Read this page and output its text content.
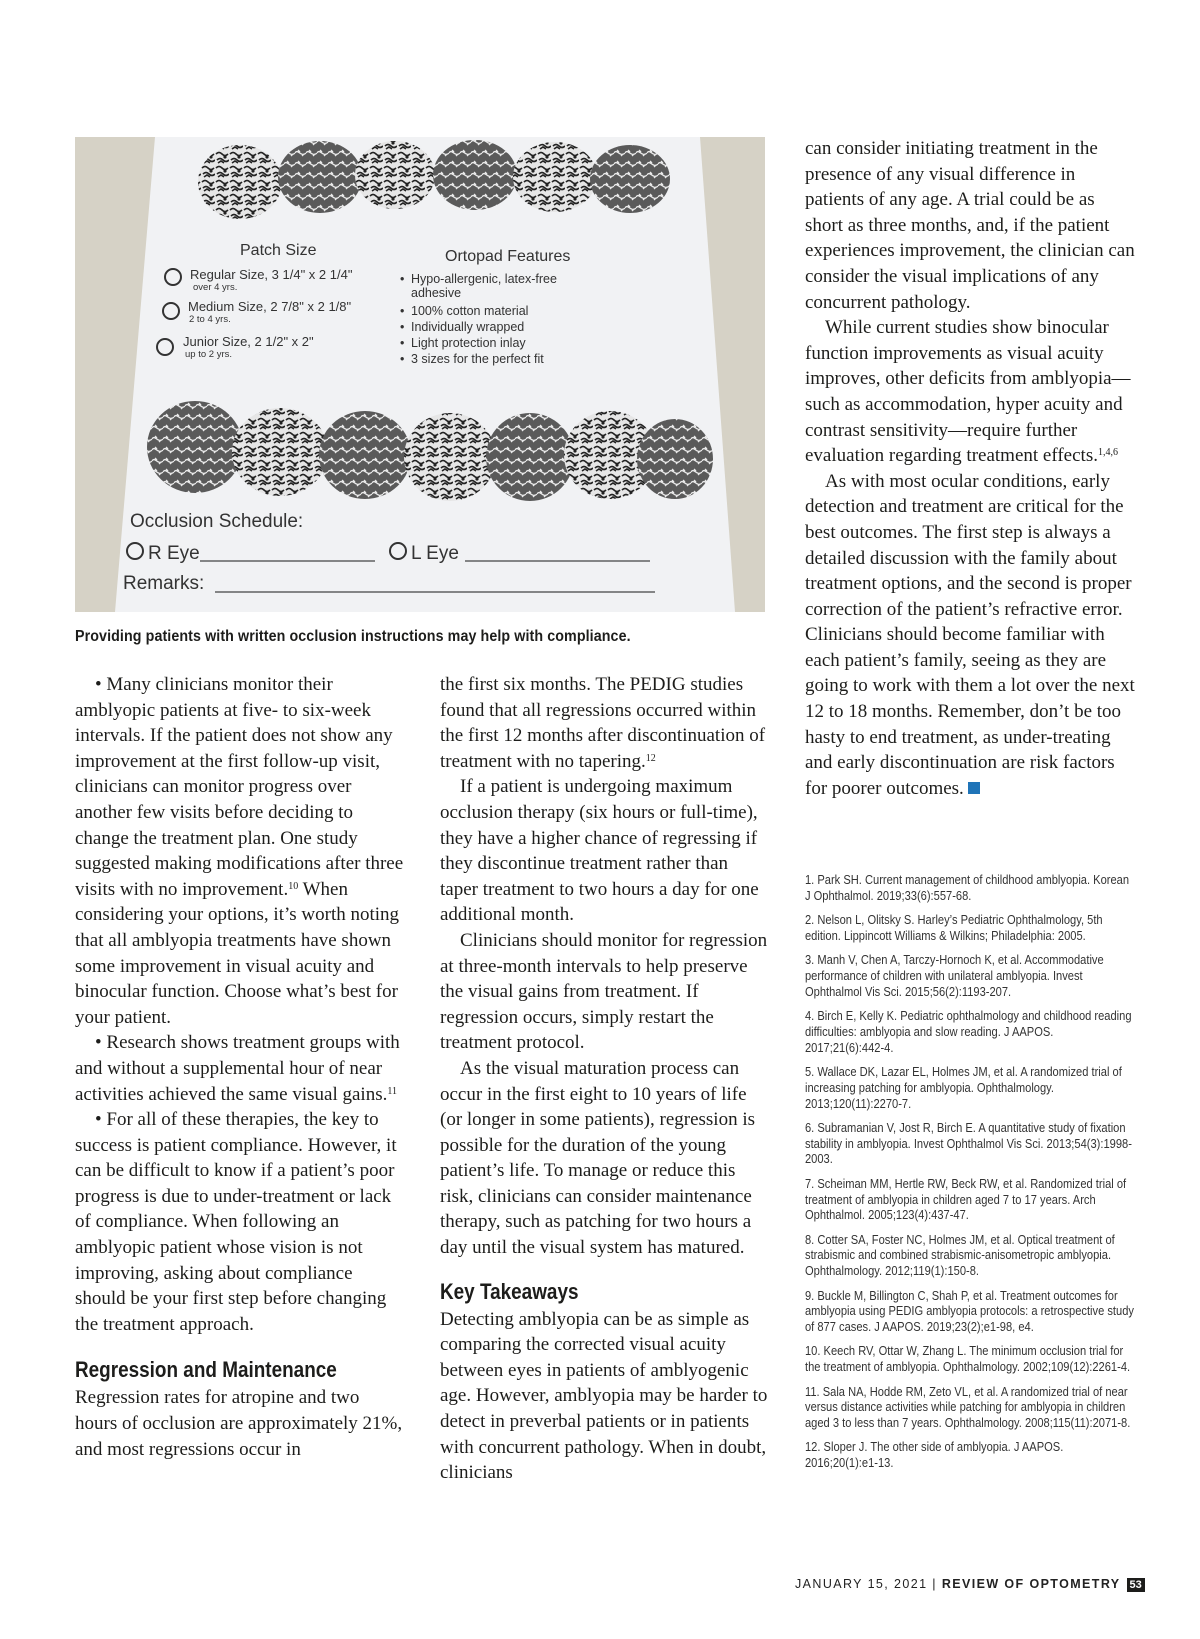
Patch Size	Ortopad Features
Regular Size, 3 1/4" x 2 1/4"
over 4 yrs.
Medium Size, 2 7/8" x 2 1/8"
2 to 4 yrs.
Junior Size, 2 1/2" x 2"
up to 2 yrs.
• Hypo-allergenic, latex-free
adhesive
• 100% cotton material
• Individually wrapped
• Light protection inlay
• 3 sizes for the perfect fit
Occlusion Schedule:
R Eye	L Eye
Remarks:
Providing patients with written occlusion instructions may help with compliance.

• Many clinicians monitor their amblyopic patients at five- to six-week intervals. If the patient does not show any improvement at the first follow-up visit, clinicians can monitor progress over another few visits before deciding to change the treatment plan. One study suggested making modifications after three visits with no improvement.$^{10}$ When considering your options, it’s worth noting that all amblyopia treatments have shown some improvement in visual acuity and binocular function. Choose what’s best for your patient.

• Research shows treatment groups with and without a supplemental hour of near activities achieved the same visual gains.$^{11}$

• For all of these therapies, the key to success is patient compliance. However, it can be difficult to know if a patient’s poor progress is due to under-treatment or lack of compliance. When following an amblyopic patient whose vision is not improving, asking about compliance should be your first step before changing the treatment approach.

Regression and Maintenance

Regression rates for atropine and two hours of occlusion are approximately 21%, and most regressions occur in

the first six months. The PEDIG studies found that all regressions occurred within the first 12 months after discontinuation of treatment with no tapering.$^{12}$

If a patient is undergoing maximum occlusion therapy (six hours or full-time), they have a higher chance of regressing if they discontinue treatment rather than taper treatment to two hours a day for one additional month.

Clinicians should monitor for regression at three-month intervals to help preserve the visual gains from treatment. If regression occurs, simply restart the treatment protocol.

As the visual maturation process can occur in the first eight to 10 years of life (or longer in some patients), regression is possible for the duration of the young patient’s life. To manage or reduce this risk, clinicians can consider maintenance therapy, such as patching for two hours a day until the visual system has matured.

Key Takeaways

Detecting amblyopia can be as simple as comparing the corrected visual acuity between eyes in patients of amblyogenic age. However, amblyopia may be harder to detect in preverbal patients or in patients with concurrent pathology. When in doubt, clinicians

can consider initiating treatment in the presence of any visual difference in patients of any age. A trial could be as short as three months, and, if the patient experiences improvement, the clinician can consider the visual implications of any concurrent pathology.

While current studies show binocular function improvements as visual acuity improves, other deficits from amblyopia—such as accommodation, hyper acuity and contrast sensitivity—require further evaluation regarding treatment effects.$^{1,4,6}$

As with most ocular conditions, early detection and treatment are critical for the best outcomes. The first step is always a detailed discussion with the family about treatment options, and the second is proper correction of the patient’s refractive error. Clinicians should become familiar with each patient’s family, seeing as they are going to work with them a lot over the next 12 to 18 months. Remember, don’t be too hasty to end treatment, as under-treating and early discontinuation are risk factors for poorer outcomes.

1. Park SH. Current management of childhood amblyopia. Korean J Ophthalmol. 2019;33(6):557-68.

2. Nelson L, Olitsky S. Harley’s Pediatric Ophthalmology, 5th edition. Lippincott Williams & Wilkins; Philadelphia: 2005.

3. Manh V, Chen A, Tarczy-Hornoch K, et al. Accommodative performance of children with unilateral amblyopia. Invest Ophthalmol Vis Sci. 2015;56(2):1193-207.

4. Birch E, Kelly K. Pediatric ophthalmology and childhood reading difficulties: amblyopia and slow reading. J AAPOS. 2017;21(6):442-4.

5. Wallace DK, Lazar EL, Holmes JM, et al. A randomized trial of increasing patching for amblyopia. Ophthalmology. 2013;120(11):2270-7.

6. Subramanian V, Jost R, Birch E. A quantitative study of fixation stability in amblyopia. Invest Ophthalmol Vis Sci. 2013;54(3):1998-2003.

7. Scheiman MM, Hertle RW, Beck RW, et al. Randomized trial of treatment of amblyopia in children aged 7 to 17 years. Arch Ophthalmol. 2005;123(4):437-47.

8. Cotter SA, Foster NC, Holmes JM, et al. Optical treatment of strabismic and combined strabismic-anisometropic amblyopia. Ophthalmology. 2012;119(1):150-8.

9. Buckle M, Billington C, Shah P, et al. Treatment outcomes for amblyopia using PEDIG amblyopia protocols: a retrospective study of 877 cases. J AAPOS. 2019;23(2);e1-98, e4.

10. Keech RV, Ottar W, Zhang L. The minimum occlusion trial for the treatment of amblyopia. Ophthalmology. 2002;109(12):2261-4.

11. Sala NA, Hodde RM, Zeto VL, et al. A randomized trial of near versus distance activities while patching for amblyopia in children aged 3 to less than 7 years. Ophthalmology. 2008;115(11):2071-8.

12. Sloper J. The other side of amblyopia. J AAPOS. 2016;20(1):e1-13.

JANUARY 15, 2021 | REVIEW OF OPTOMETRY 53
